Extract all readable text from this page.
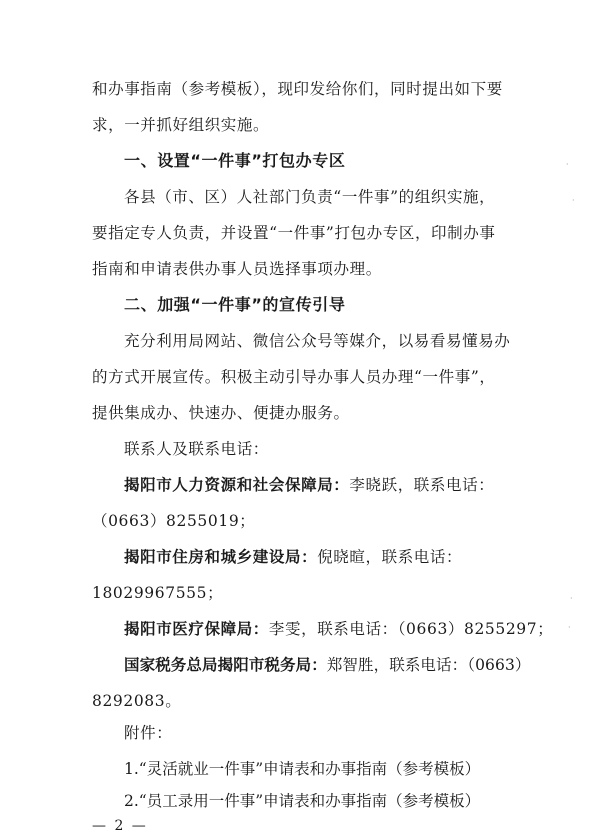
和办事指南（参考模板），现印发给你们，同时提出如下要
求，一并抓好组织实施。
一、设置“一件事”打包办专区
各县（市、区）人社部门负责“一件事”的组织实施，
要指定专人负责，并设置“一件事”打包办专区，印制办事
指南和申请表供办事人员选择事项办理。
二、加强“一件事”的宣传引导
充分利用局网站、微信公众号等媒介，以易看易懂易办
的方式开展宣传。积极主动引导办事人员办理“一件事”，
提供集成办、快速办、便捷办服务。
联系人及联系电话：
揭阳市人力资源和社会保障局：李晓跃，联系电话：
（0663）8255019；
揭阳市住房和城乡建设局：倪晓暄，联系电话：
18029967555；
揭阳市医疗保障局：李雯，联系电话：（0663）8255297；
国家税务总局揭阳市税务局：郑智胜，联系电话：（0663）
8292083。
附件：
1.“灵活就业一件事”申请表和办事指南（参考模板）
2.“员工录用一件事”申请表和办事指南（参考模板）
— 2 —
·
·
·
·
